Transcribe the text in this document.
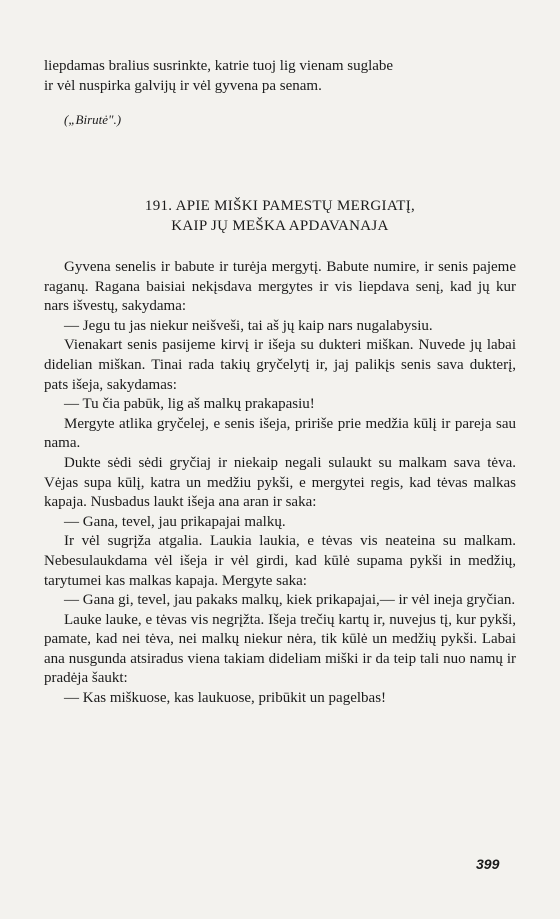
liepdamas bralius susrinkte, katrie tuoj lig vienam suglabe

ir vėl nuspirka galvijų ir vėl gyvena pa senam.

(„Birutė".)
191. APIE MIŠKI PAMESTŲ MERGIATĮ,
KAIP JŲ MEŠKA APDAVANAJA

Gyvena senelis ir babute ir turėja mergytį. Babute numire, ir senis pajeme raganų. Ragana baisiai nekįsdava mergytes ir vis liepdava senį, kad jų kur nars išvestų, sakydama:

— Jegu tu jas niekur neišveši, tai aš jų kaip nars nugalabysiu.

Vienakart senis pasijeme kirvį ir išeja su dukteri miškan. Nuvede jų labai didelian miškan. Tinai rada takių gryčelytį ir, jaj palikįs senis sava dukterį, pats išeja, sakydamas:

— Tu čia pabūk, lig aš malkų prakapasiu!

Mergyte atlika gryčelej, e senis išeja, pririše prie medžia kūlį ir pareja sau nama.

Dukte sėdi sėdi gryčiaj ir niekaip negali sulaukt su malkam sava tėva. Vėjas supa kūlį, katra un medžiu pykši, e mergytei regis, kad tėvas malkas kapaja. Nusbadus laukt išeja ana aran ir saka:

— Gana, tevel, jau prikapajai malkų.

Ir vėl sugrįža atgalia. Laukia laukia, e tėvas vis neateina su malkam. Nebesulaukdama vėl išeja ir vėl girdi, kad kūlė supama pykši in medžių, tarytumei kas malkas kapaja. Mergyte saka:

— Gana gi, tevel, jau pakaks malkų, kiek prikapajai,— ir vėl ineja gryčian.

Lauke lauke, e tėvas vis negrįžta. Išeja trečių kartų ir, nuvejus tį, kur pykši, pamate, kad nei tėva, nei malkų niekur nėra, tik kūlė un medžių pykši. Labai ana nusgunda atsiradus viena takiam dideliam miški ir da teip tali nuo namų ir pradėja šaukt:

— Kas miškuose, kas laukuose, pribūkit un pagelbas!

399
